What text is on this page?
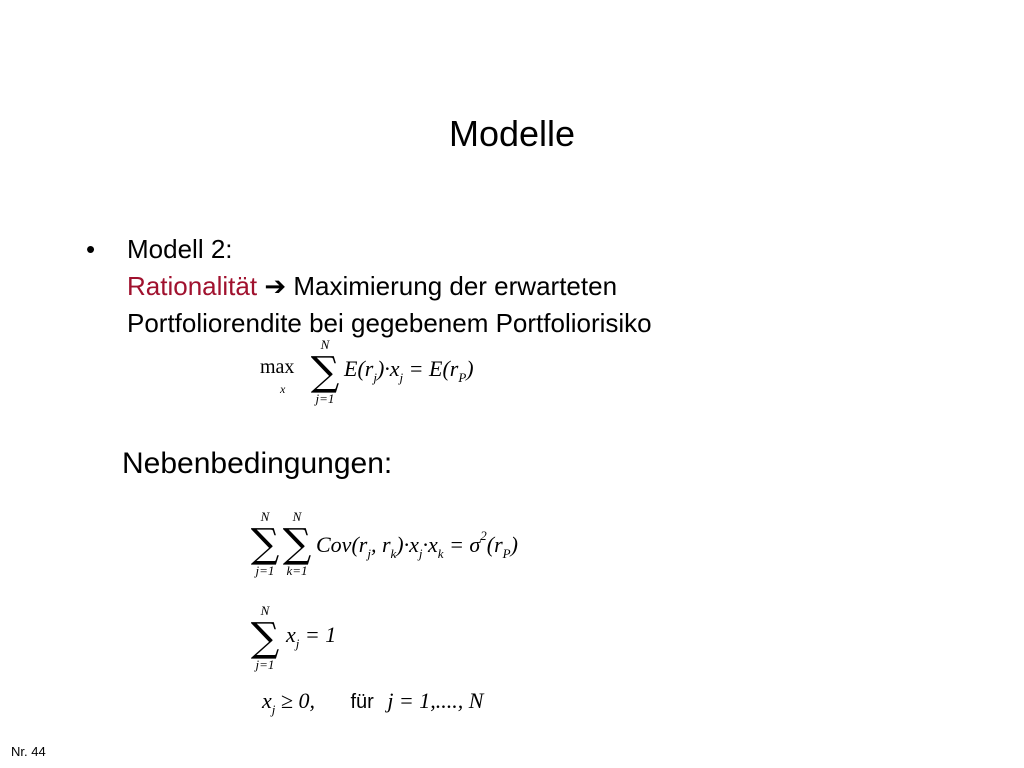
Modelle
• Modell 2:
Rationalität ➔ Maximierung der erwarteten
Portfoliorendite bei gegebenem Portfoliorisiko
max
x
N
∑
j=1
$E(r_j)\cdot x_j = E(r_P)$
Nebenbedingungen:
N
∑
j=1
N
∑
k=1
$Cov(r_j$, $r_k)\cdot x_j\cdot x_k = \sigma^2(r_P)$
N
∑
j=1
$x_j = 1$
$x_j \ge 0$, für j = 1,...., N
Nr. 44
